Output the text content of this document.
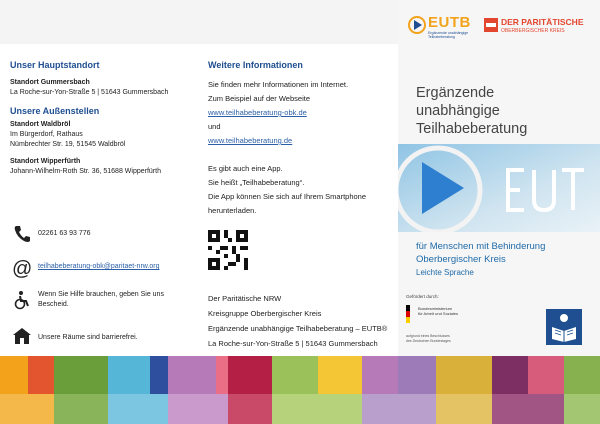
Unser Hauptstandort
Standort Gummersbach
La Roche-sur-Yon-Straße 5 | 51643 Gummersbach
Unsere Außenstellen
Standort Waldbröl
Im Bürgerdorf, Rathaus
Nümbrechter Str. 19, 51545 Waldbröl
Standort Wipperfürth
Johann-Wilhelm-Roth Str. 36, 51688 Wipperfürth
02261 63 93 776
@ teilhabeberatung-obk@paritaet-nrw.org
Wenn Sie Hilfe brauchen, geben Sie uns
Bescheid.
Unsere Räume sind barrierefrei.
Weitere Informationen
Sie finden mehr Informationen im Internet.
Zum Beispiel auf der Webseite
www.teilhabeberatung-obk.de
und
www.teilhabeberatung.de
Es gibt auch eine App.
Sie heißt „Teilhabeberatung“.
Die App können Sie sich auf Ihrem Smartphone
herunterladen.
Der Paritätische NRW
Kreisgruppe Oberbergischer Kreis
Ergänzende unabhängige Teilhabeberatung – EUTB®
La Roche-sur-Yon-Straße 5 | 51643 Gummersbach
EUTB
Ergänzende unabhängige
Teilhabeberatung
DER PARITÄTISCHE
OBERBERGISCHER KREIS
Ergänzende
unabhängige
Teilhabeberatung
für Menschen mit Behinderung
Oberbergischer Kreis
Leichte Sprache
Gefördert durch:
Bundesministerium
für Arbeit und Soziales
aufgrund eines Beschlusses
des Deutschen Bundestages
